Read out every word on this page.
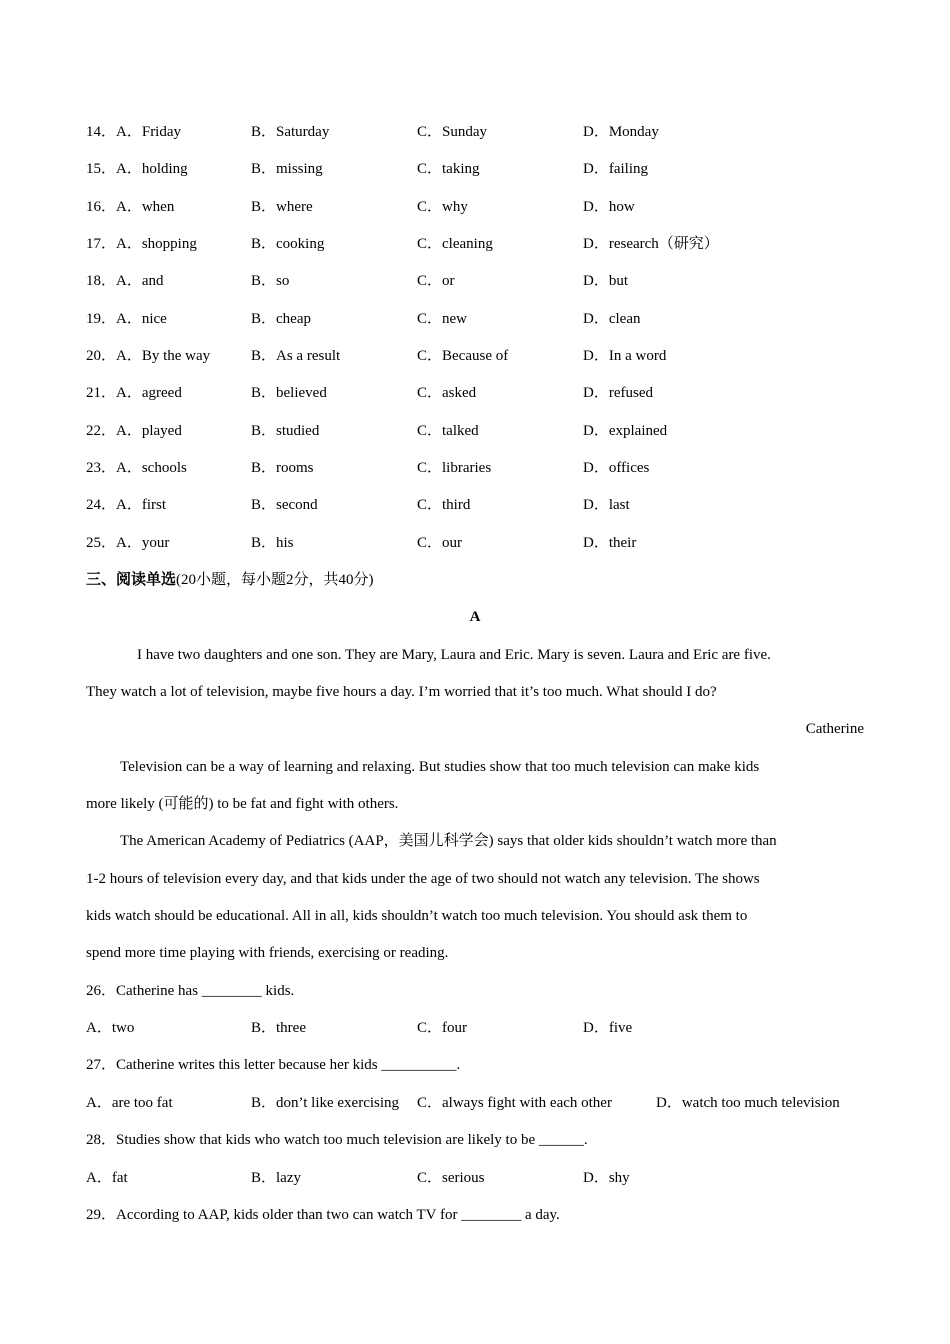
14．A．Friday	B．Saturday	C．Sunday	D．Monday
15．A．holding	B．missing	C．taking	D．failing
16．A．when	B．where	C．why	D．how
17．A．shopping	B．cooking	C．cleaning	D．research（研究）
18．A．and	B．so	C．or	D．but
19．A．nice	B．cheap	C．new	D．clean
20．A．By the way	B．As a result	C．Because of	D．In a word
21．A．agreed	B．believed	C．asked	D．refused
22．A．played	B．studied	C．talked	D．explained
23．A．schools	B．rooms	C．libraries	D．offices
24．A．first	B．second	C．third	D．last
25．A．your	B．his	C．our	D．their
三、阅读单选(20小题，每小题2分，共40分)
A
I have two daughters and one son. They are Mary, Laura and Eric. Mary is seven. Laura and Eric are five.
They watch a lot of television, maybe five hours a day. I’m worried that it’s too much. What should I do?
Catherine
Television can be a way of learning and relaxing. But studies show that too much television can make kids
more likely (可能的) to be fat and fight with others.
The American Academy of Pediatrics (AAP，美国儿科学会) says that older kids shouldn’t watch more than
1-2 hours of television every day, and that kids under the age of two should not watch any television. The shows
kids watch should be educational. All in all, kids shouldn’t watch too much television. You should ask them to
spend more time playing with friends, exercising or reading.
26．Catherine has ________ kids.
A．two	B．three	C．four	D．five
27．Catherine writes this letter because her kids __________.
A．are too fat	B．don’t like exercising C．always fight with each other	D．watch too much television
28．Studies show that kids who watch too much television are likely to be ______.
A．fat	B．lazy	C．serious	D．shy
29．According to AAP, kids older than two can watch TV for ________ a day.
